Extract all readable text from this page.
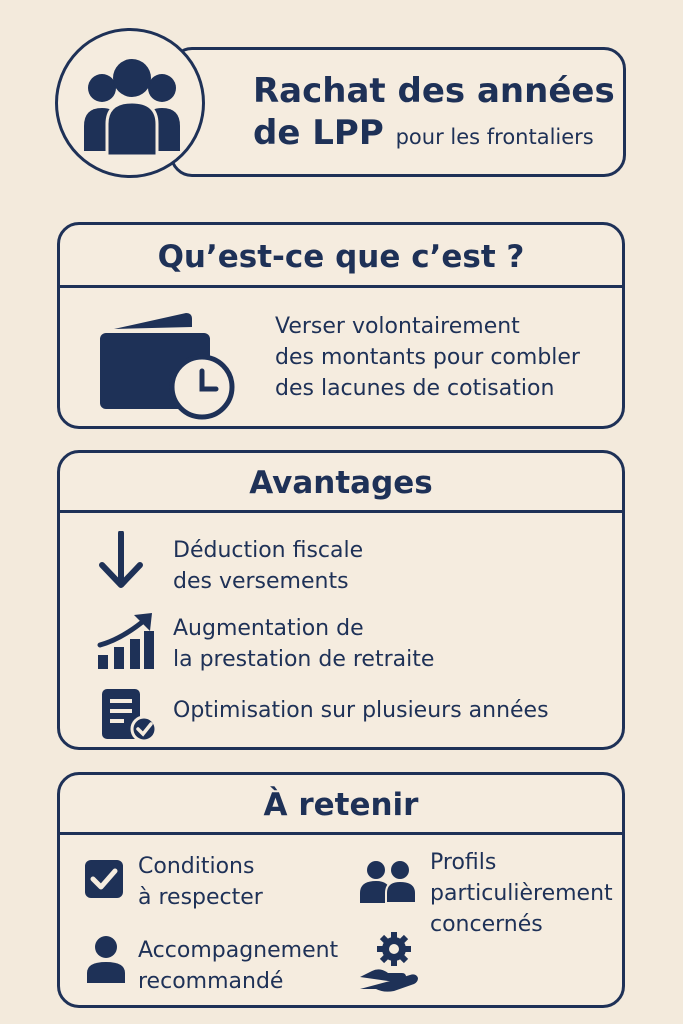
Rachat des années
de LPP pour les frontaliers
Qu’est-ce que c’est ?
Verser volontairement
des montants pour combler
des lacunes de cotisation
Avantages
Déduction fiscale
des versements
Augmentation de
la prestation de retraite
Optimisation sur plusieurs années
À retenir
Conditions
à respecter
Profils
particulièrement
concernés
Accompagnement
recommandé
